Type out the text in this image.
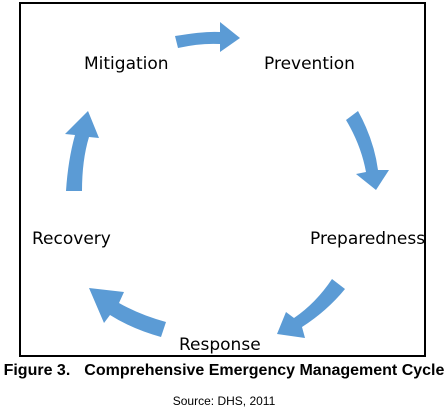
Mitigation	Prevention
Preparedness
Recovery
Response
Figure 3. Comprehensive Emergency Management Cycle
Source: DHS, 2011
